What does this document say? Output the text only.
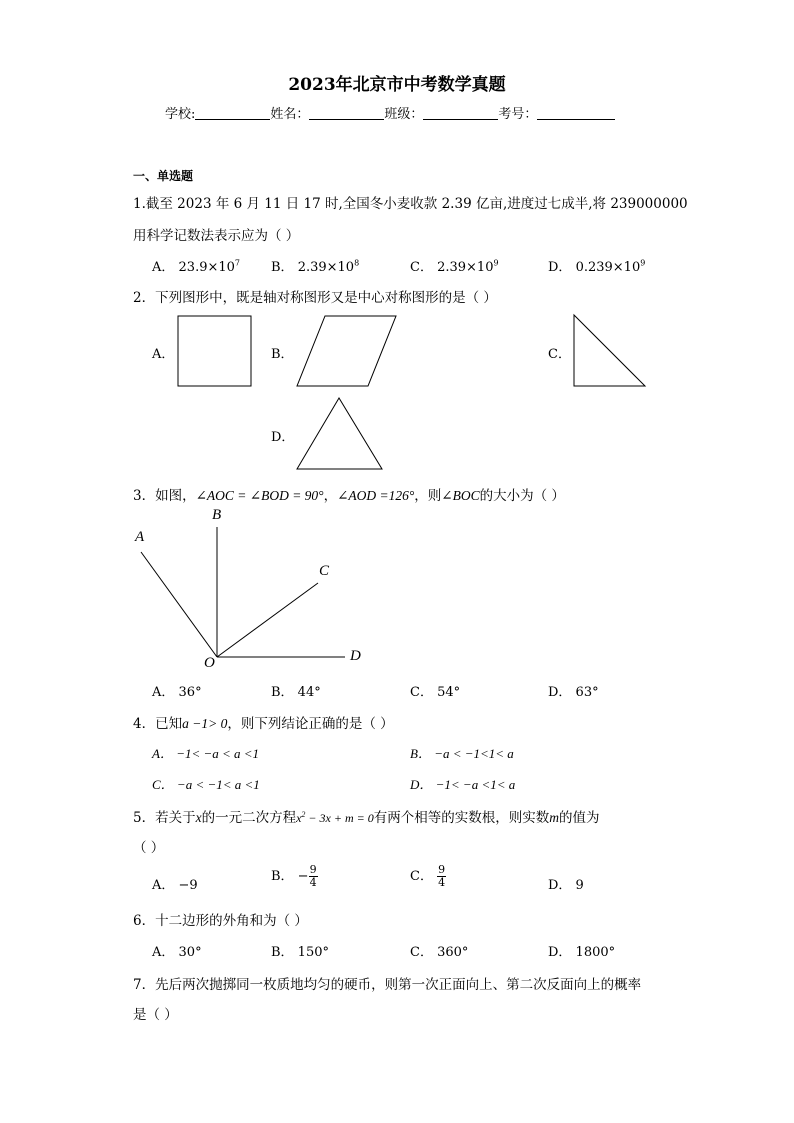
2023年北京市中考数学真题
学校:	姓名：	班级：	考号：
一、单选题
1.截至 2023 年 6 月 11 日 17 时,全国冬小麦收款 2.39 亿亩,进度过七成半,将 239000000
用科学记数法表示应为（ ）
A． $23.9\times 10^7$ B． $2.39\times 10^8$	C． $2.39\times 10^9$	D． $0.239\times 10^9$
2．下列图形中，既是轴对称图形又是中心对称图形的是（ ）
A．	B．	C．
D．
3．如图，∠AOC = ∠BOD = 90°，∠AOD =126°，则∠BOC的大小为（ ）
A
B
C
D
O
A． 36°	B． 44°	C． 54°	D． 63°
4．已知a −1> 0，则下列结论正确的是（ ）
A． −1< −a < a <1	B． −a < −1<1< a
C． −a < −1< a <1	D． −1< −a <1< a
5．若关于x的一元二次方程$x^2 - 3x + m = 0$有两个相等的实数根，则实数m的值为
（ ）
A． −9
B． − $\frac{9}{4}$	C． $\frac{9}{4}$	D． 9
6．十二边形的外角和为（ ）
A． 30°	B． 150°	C． 360°	D． 1800°
7．先后两次抛掷同一枚质地均匀的硬币，则第一次正面向上、第二次反面向上的概率
是（ ）
